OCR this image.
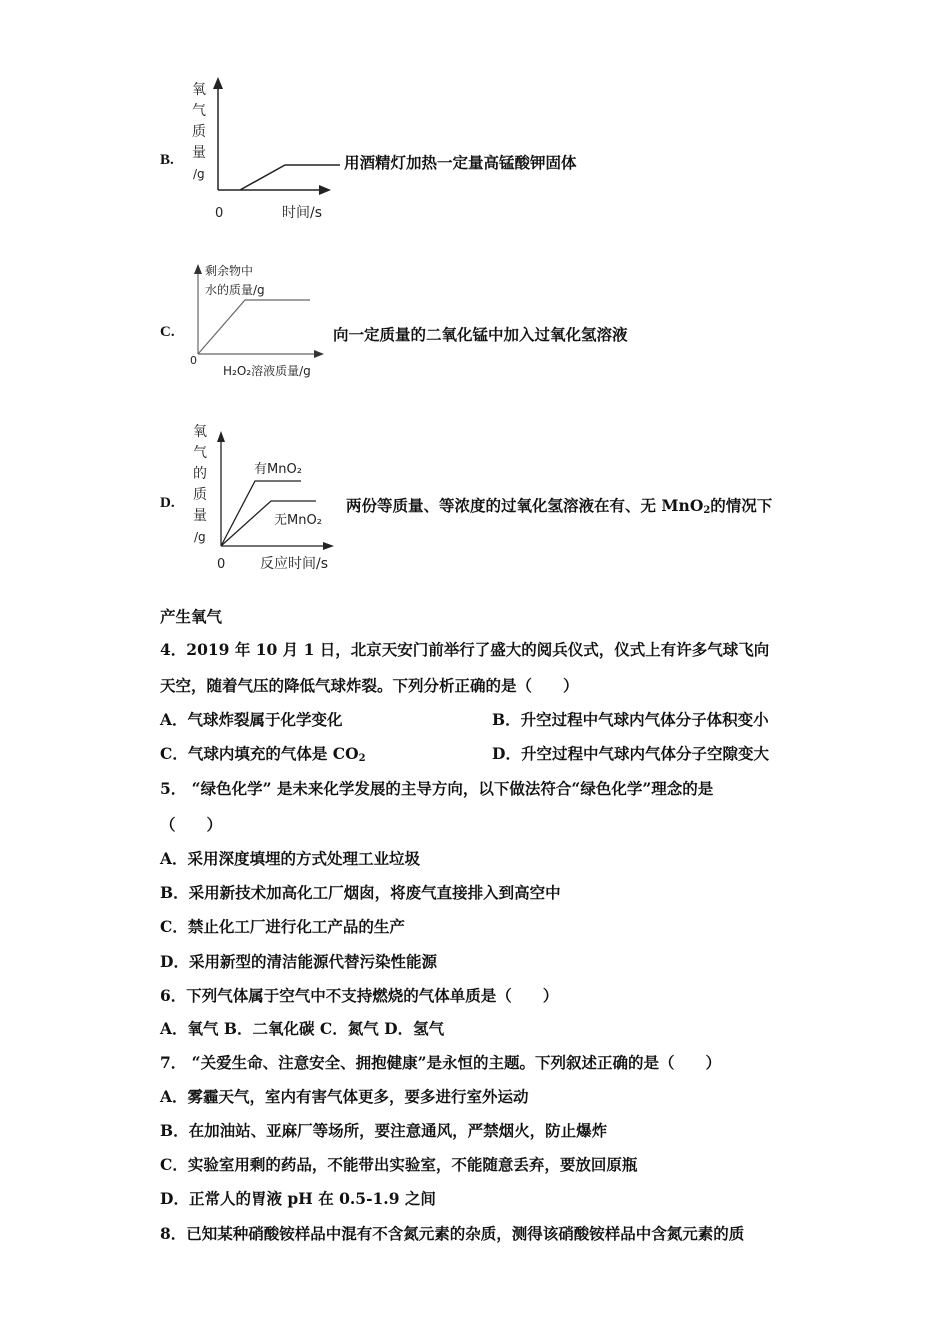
B.
氧
气
质
量
/g
0	时间/s
用酒精灯加热一定量高锰酸钾固体
C.
剩余物中
水的质量/g
0
H₂O₂溶液质量/g
向一定质量的二氧化锰中加入过氧化氢溶液
D.
有MnO₂
无MnO₂
氧
气
的
质
量
/g
0 反应时间/s
两份等质量、等浓度的过氧化氢溶液在有、无 MnO$_2$的情况下
产生氧气
4．2019 年 10 月 1 日，北京天安门前举行了盛大的阅兵仪式，仪式上有许多气球飞向
天空，随着气压的降低气球炸裂。下列分析正确的是（　　）
A．气球炸裂属于化学变化	B．升空过程中气球内气体分子体积变小
C．气球内填充的气体是 $CO_2$	D．升空过程中气球内气体分子空隙变大
5． “绿色化学” 是未来化学发展的主导方向，以下做法符合“绿色化学”理念的是
（　　）
A．采用深度填埋的方式处理工业垃圾
B．采用新技术加高化工厂烟囱，将废气直接排入到高空中
C．禁止化工厂进行化工产品的生产
D．采用新型的清洁能源代替污染性能源
6．下列气体属于空气中不支持燃烧的气体单质是（　　）
A．氧气 B．二氧化碳 C．氮气 D．氢气
7． “关爱生命、注意安全、拥抱健康”是永恒的主题。下列叙述正确的是（　　）
A．雾霾天气，室内有害气体更多，要多进行室外运动
B．在加油站、亚麻厂等场所，要注意通风，严禁烟火，防止爆炸
C．实验室用剩的药品，不能带出实验室，不能随意丢弃，要放回原瓶
D．正常人的胃液 pH 在 0.5-1.9 之间
8．已知某种硝酸铵样品中混有不含氮元素的杂质，测得该硝酸铵样品中含氮元素的质
